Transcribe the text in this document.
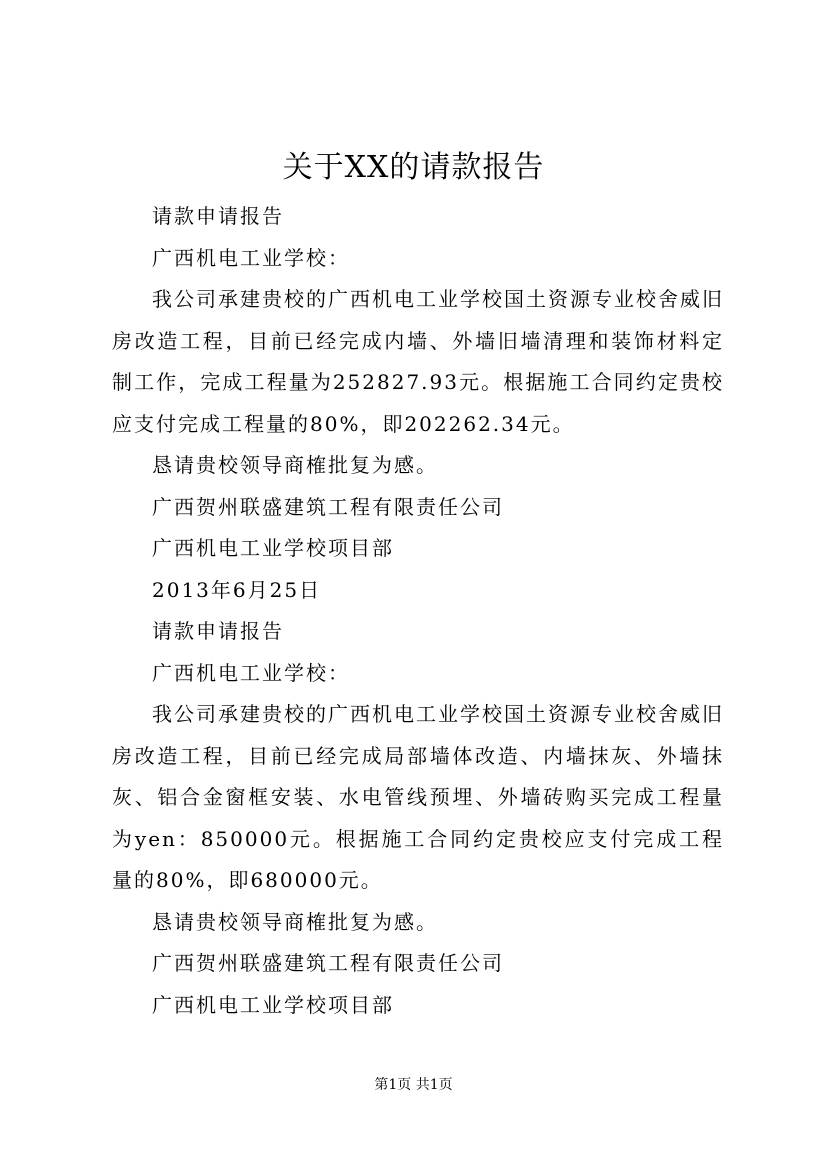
关于XX的请款报告

请款申请报告

广西机电工业学校：

我公司承建贵校的广西机电工业学校国土资源专业校舍威旧房改造工程，目前已经完成内墙、外墙旧墙清理和装饰材料定制工作，完成工程量为252827.93元。根据施工合同约定贵校应支付完成工程量的80%，即202262.34元。

恳请贵校领导商榷批复为感。

广西贺州联盛建筑工程有限责任公司

广西机电工业学校项目部

2013年6月25日

请款申请报告

广西机电工业学校：

我公司承建贵校的广西机电工业学校国土资源专业校舍威旧房改造工程，目前已经完成局部墙体改造、内墙抹灰、外墙抹灰、铝合金窗框安装、水电管线预埋、外墙砖购买完成工程量为yen：850000元。根据施工合同约定贵校应支付完成工程量的80%，即680000元。

恳请贵校领导商榷批复为感。

广西贺州联盛建筑工程有限责任公司

广西机电工业学校项目部

第1页 共1页
